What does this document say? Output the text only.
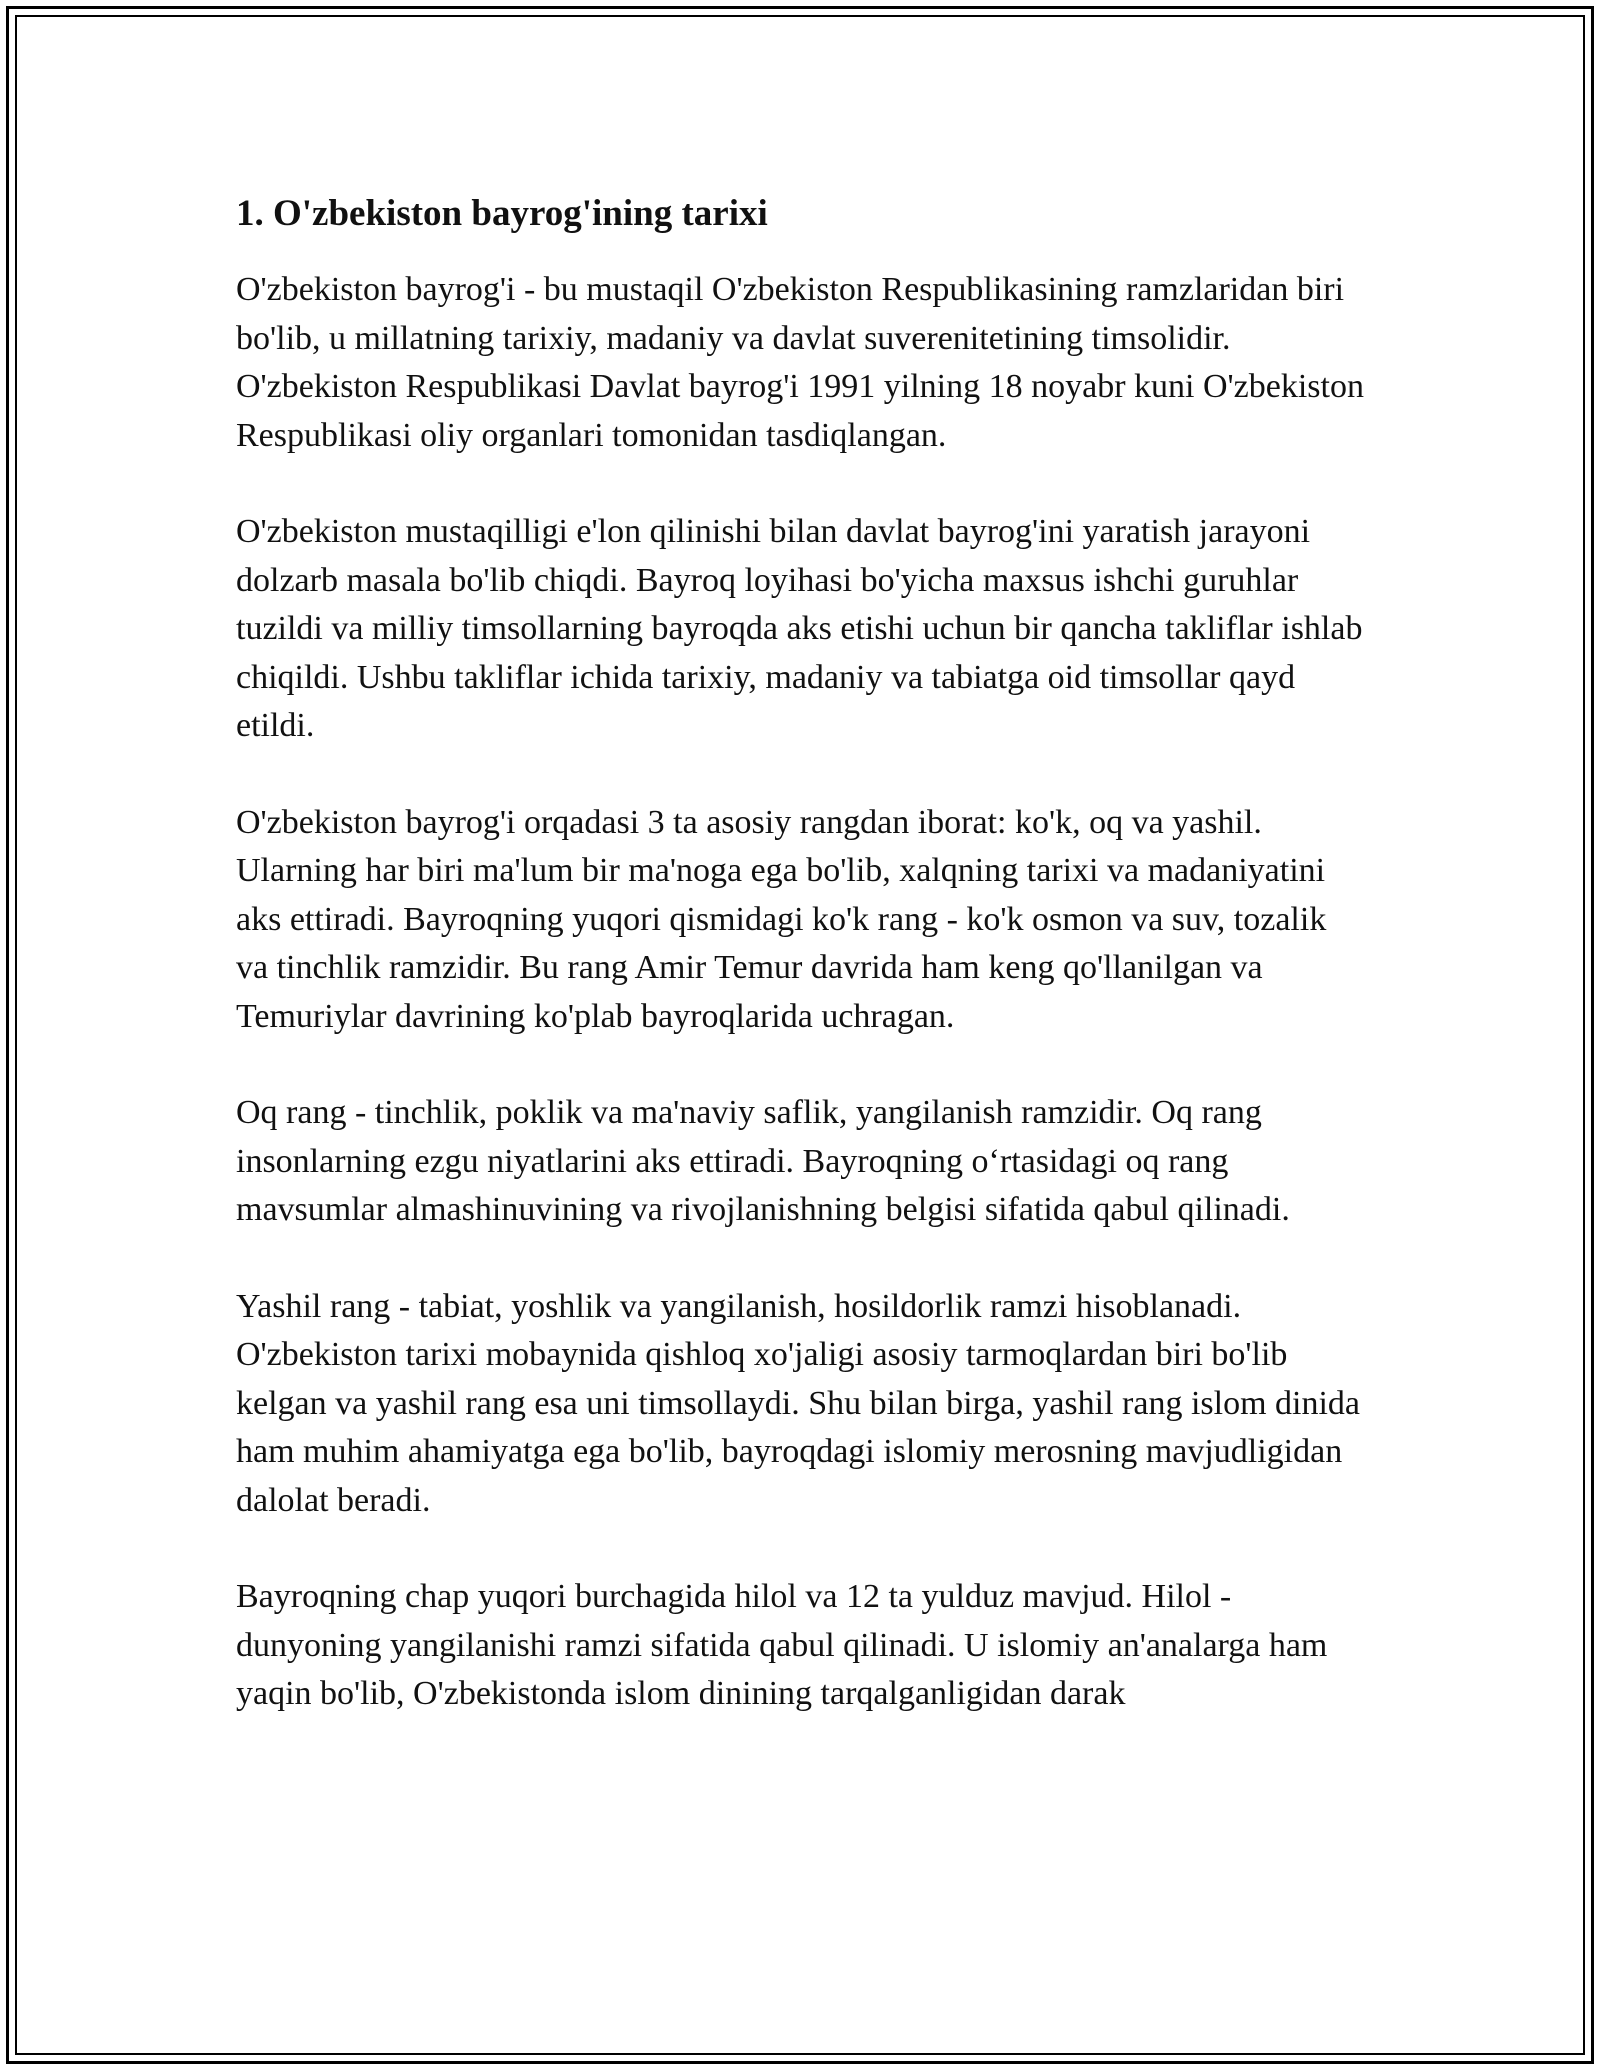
1. O'zbekiston bayrog'ining tarixi

O'zbekiston bayrog'i - bu mustaqil O'zbekiston Respublikasining ramzlaridan biri bo'lib, u millatning tarixiy, madaniy va davlat suverenitetining timsolidir. O'zbekiston Respublikasi Davlat bayrog'i 1991 yilning 18 noyabr kuni O'zbekiston Respublikasi oliy organlari tomonidan tasdiqlangan.

O'zbekiston mustaqilligi e'lon qilinishi bilan davlat bayrog'ini yaratish jarayoni dolzarb masala bo'lib chiqdi. Bayroq loyihasi bo'yicha maxsus ishchi guruhlar tuzildi va milliy timsollarning bayroqda aks etishi uchun bir qancha takliflar ishlab chiqildi. Ushbu takliflar ichida tarixiy, madaniy va tabiatga oid timsollar qayd etildi.

O'zbekiston bayrog'i orqadasi 3 ta asosiy rangdan iborat: ko'k, oq va yashil. Ularning har biri ma'lum bir ma'noga ega bo'lib, xalqning tarixi va madaniyatini aks ettiradi. Bayroqning yuqori qismidagi ko'k rang - ko'k osmon va suv, tozalik va tinchlik ramzidir. Bu rang Amir Temur davrida ham keng qo'llanilgan va Temuriylar davrining ko'plab bayroqlarida uchragan.

Oq rang - tinchlik, poklik va ma'naviy saflik, yangilanish ramzidir. Oq rang insonlarning ezgu niyatlarini aks ettiradi. Bayroqning o‘rtasidagi oq rang mavsumlar almashinuvining va rivojlanishning belgisi sifatida qabul qilinadi.

Yashil rang - tabiat, yoshlik va yangilanish, hosildorlik ramzi hisoblanadi. O'zbekiston tarixi mobaynida qishloq xo'jaligi asosiy tarmoqlardan biri bo'lib kelgan va yashil rang esa uni timsollaydi. Shu bilan birga, yashil rang islom dinida ham muhim ahamiyatga ega bo'lib, bayroqdagi islomiy merosning mavjudligidan dalolat beradi.

Bayroqning chap yuqori burchagida hilol va 12 ta yulduz mavjud. Hilol - dunyoning yangilanishi ramzi sifatida qabul qilinadi. U islomiy an'analarga ham yaqin bo'lib, O'zbekistonda islom dinining tarqalganligidan darak
